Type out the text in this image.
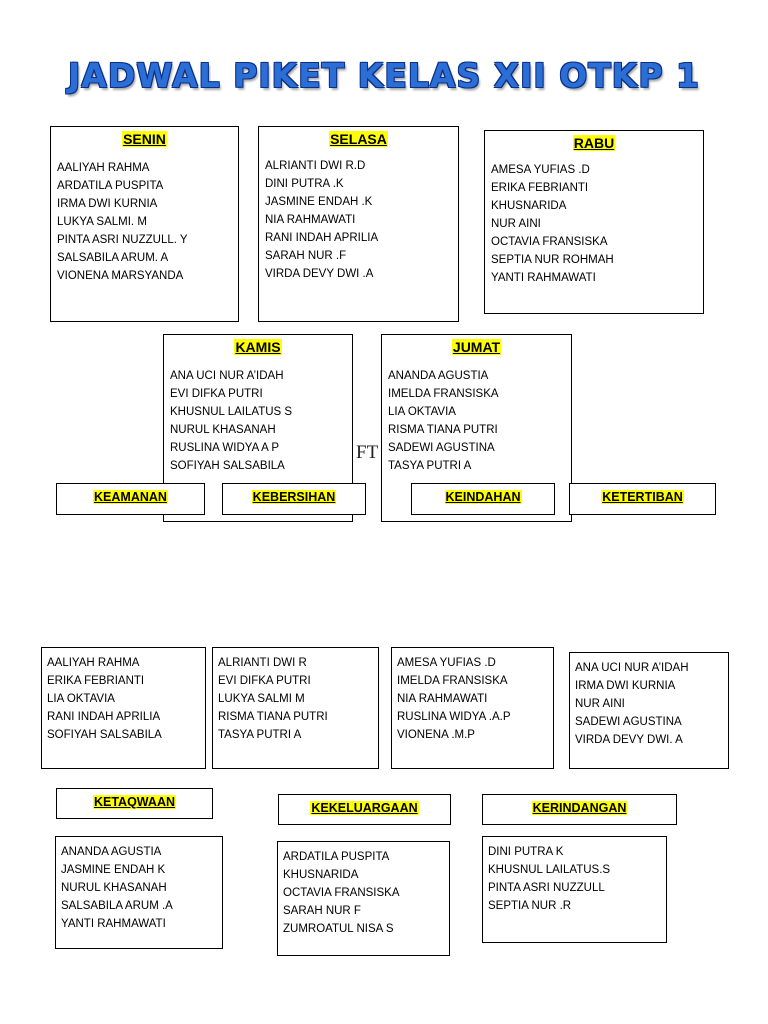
JADWAL PIKET KELAS XII OTKP 1
SENIN
AALIYAH RAHMA
ARDATILA PUSPITA
IRMA DWI KURNIA
LUKYA SALMI. M
PINTA ASRI NUZZULL. Y
SALSABILA ARUM. A
VIONENA MARSYANDA
SELASA
ALRIANTI DWI R.D
DINI PUTRA .K
JASMINE ENDAH .K
NIA RAHMAWATI
RANI INDAH APRILIA
SARAH NUR .F
VIRDA DEVY DWI .A
RABU
AMESA YUFIAS .D
ERIKA FEBRIANTI
KHUSNARIDA
NUR AINI
OCTAVIA FRANSISKA
SEPTIA NUR ROHMAH
YANTI RAHMAWATI
KAMIS
ANA UCI NUR A’IDAH
EVI DIFKA PUTRI
KHUSNUL LAILATUS S
NURUL KHASANAH
RUSLINA WIDYA A P
SOFIYAH SALSABILA
JUMAT
ANANDA AGUSTIA
IMELDA FRANSISKA
LIA OKTAVIA
RISMA TIANA PUTRI
SADEWI AGUSTINA
TASYA PUTRI A
FT
KEAMANAN	KEBERSIHAN	KEINDAHAN	KETERTIBAN
AALIYAH RAHMA
ERIKA FEBRIANTI
LIA OKTAVIA
RANI INDAH APRILIA
SOFIYAH SALSABILA
ALRIANTI DWI R
EVI DIFKA PUTRI
LUKYA SALMI M
RISMA TIANA PUTRI
TASYA PUTRI A
AMESA YUFIAS .D
IMELDA FRANSISKA
NIA RAHMAWATI
RUSLINA WIDYA .A.P
VIONENA .M.P
ANA UCI NUR A’IDAH
IRMA DWI KURNIA
NUR AINI
SADEWI AGUSTINA
VIRDA DEVY DWI. A
KETAQWAAN	KEKELUARGAAN	KERINDANGAN
ANANDA AGUSTIA
JASMINE ENDAH K
NURUL KHASANAH
SALSABILA ARUM .A
YANTI RAHMAWATI
ARDATILA PUSPITA
KHUSNARIDA
OCTAVIA FRANSISKA
SARAH NUR F
ZUMROATUL NISA S
DINI PUTRA K
KHUSNUL LAILATUS.S
PINTA ASRI NUZZULL
SEPTIA NUR .R
